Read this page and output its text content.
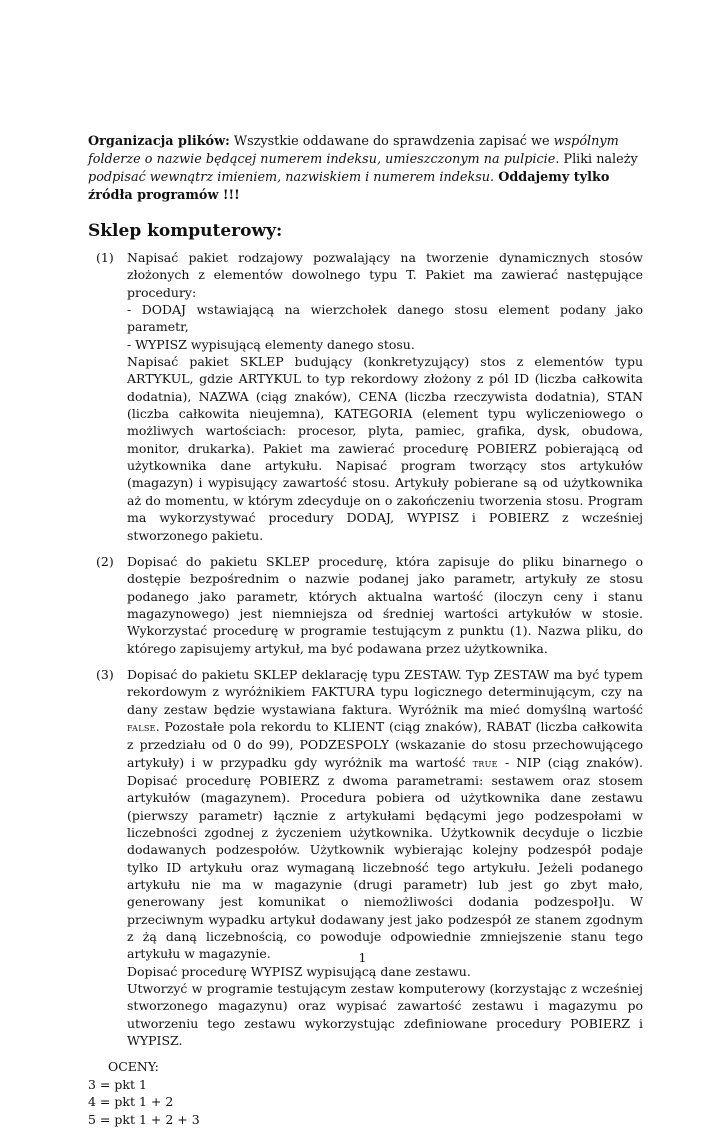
Organizacja plików: Wszystkie oddawane do sprawdzenia zapisać we wspólnym folderze o nazwie będącej numerem indeksu, umieszczonym na pulpicie. Pliki należy podpisać wewnątrz imieniem, nazwiskiem i numerem indeksu. Oddajemy tylko źródła programów !!!

Sklep komputerowy:
(1) Napisać pakiet rodzajowy pozwalający na tworzenie dynamicznych stosów złożonych z elementów dowolnego typu T. Pakiet ma zawierać następujące procedury:
- DODAJ wstawiającą na wierzchołek danego stosu element podany jako parametr,
- WYPISZ wypisującą elementy danego stosu.
Napisać pakiet SKLEP budujący (konkretyzujący) stos z elementów typu ARTYKUL, gdzie ARTYKUL to typ rekordowy złożony z pól ID (liczba całkowita dodatnia), NAZWA (ciąg znaków), CENA (liczba rzeczywista dodatnia), STAN (liczba całkowita nieujemna), KATEGORIA (element typu wyliczeniowego o możliwych wartościach: procesor, plyta, pamiec, grafika, dysk, obudowa, monitor, drukarka). Pakiet ma zawierać procedurę POBIERZ pobierającą od użytkownika dane artykułu. Napisać program tworzący stos artykułów (magazyn) i wypisujący zawartość stosu. Artykuły pobierane są od użytkownika aż do momentu, w którym zdecyduje on o zakończeniu tworzenia stosu. Program ma wykorzystywać procedury DODAJ, WYPISZ i POBIERZ z wcześniej stworzonego pakietu.
(2) Dopisać do pakietu SKLEP procedurę, która zapisuje do pliku binarnego o dostępie bezpośrednim o nazwie podanej jako parametr, artykuły ze stosu podanego jako parametr, których aktualna wartość (iloczyn ceny i stanu magazynowego) jest niemniejsza od średniej wartości artykułów w stosie. Wykorzystać procedurę w programie testującym z punktu (1). Nazwa pliku, do którego zapisujemy artykuł, ma być podawana przez użytkownika.
(3) Dopisać do pakietu SKLEP deklarację typu ZESTAW. Typ ZESTAW ma być typem rekordowym z wyróżnikiem FAKTURA typu logicznego determinującym, czy na dany zestaw będzie wystawiana faktura. Wyróżnik ma mieć domyślną wartość false. Pozostałe pola rekordu to KLIENT (ciąg znaków), RABAT (liczba całkowita z przedziału od 0 do 99), PODZESPOLY (wskazanie do stosu przechowującego artykuły) i w przypadku gdy wyróżnik ma wartość true - NIP (ciąg znaków). Dopisać procedurę POBIERZ z dwoma parametrami: sestawem oraz stosem artykułów (magazynem). Procedura pobiera od użytkownika dane zestawu (pierwszy parametr) łącznie z artykułami będącymi jego podzespołami w liczebności zgodnej z życzeniem użytkownika. Użytkownik decyduje o liczbie dodawanych podzespołów. Użytkownik wybierając kolejny podzespół podaje tylko ID artykułu oraz wymaganą liczebność tego artykułu. Jeżeli podanego artykułu nie ma w magazynie (drugi parametr) lub jest go zbyt mało, generowany jest komunikat o niemożliwości dodania podzespoł]u. W przeciwnym wypadku artykuł dodawany jest jako podzespół ze stanem zgodnym z żą daną liczebnością, co powoduje odpowiednie zmniejszenie stanu tego artykułu w magazynie.
Dopisać procedurę WYPISZ wypisującą dane zestawu.
Utworzyć w programie testującym zestaw komputerowy (korzystając z wcześniej stworzonego magazynu) oraz wypisać zawartość zestawu i magazymu po utworzeniu tego zestawu wykorzystując zdefiniowane procedury POBIERZ i WYPISZ.
OCENY:
3 = pkt 1
4 = pkt 1 + 2
5 = pkt 1 + 2 + 3
1
